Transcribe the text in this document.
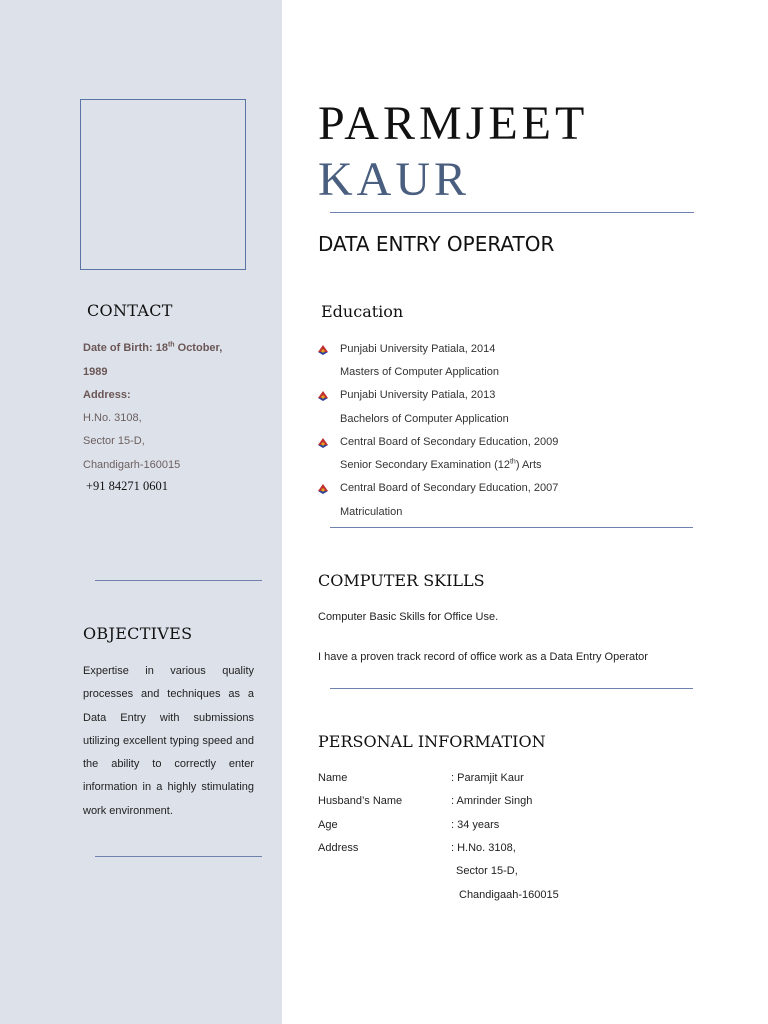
CONTACT
Date of Birth: 18th October,
1989
Address:
H.No. 3108,
Sector 15-D,
Chandigarh-160015
+91 84271 0601
OBJECTIVES
Expertise in various quality processes and techniques as a Data Entry with submissions utilizing excellent typing speed and the ability to correctly enter information in a highly stimulating work environment.
PARMJEET
KAUR
DATA ENTRY OPERATOR
Education
Punjabi University Patiala, 2014
Masters of Computer Application
Punjabi University Patiala, 2013
Bachelors of Computer Application
Central Board of Secondary Education, 2009
Senior Secondary Examination (12th) Arts
Central Board of Secondary Education, 2007
Matriculation
COMPUTER SKILLS
Computer Basic Skills for Office Use.
I have a proven track record of office work as a Data Entry Operator
PERSONAL INFORMATION
Name	: Paramjit Kaur
Husband’s Name	: Amrinder Singh
Age	: 34 years
Address	: H.No. 3108,
Sector 15-D,
Chandigaah-160015
